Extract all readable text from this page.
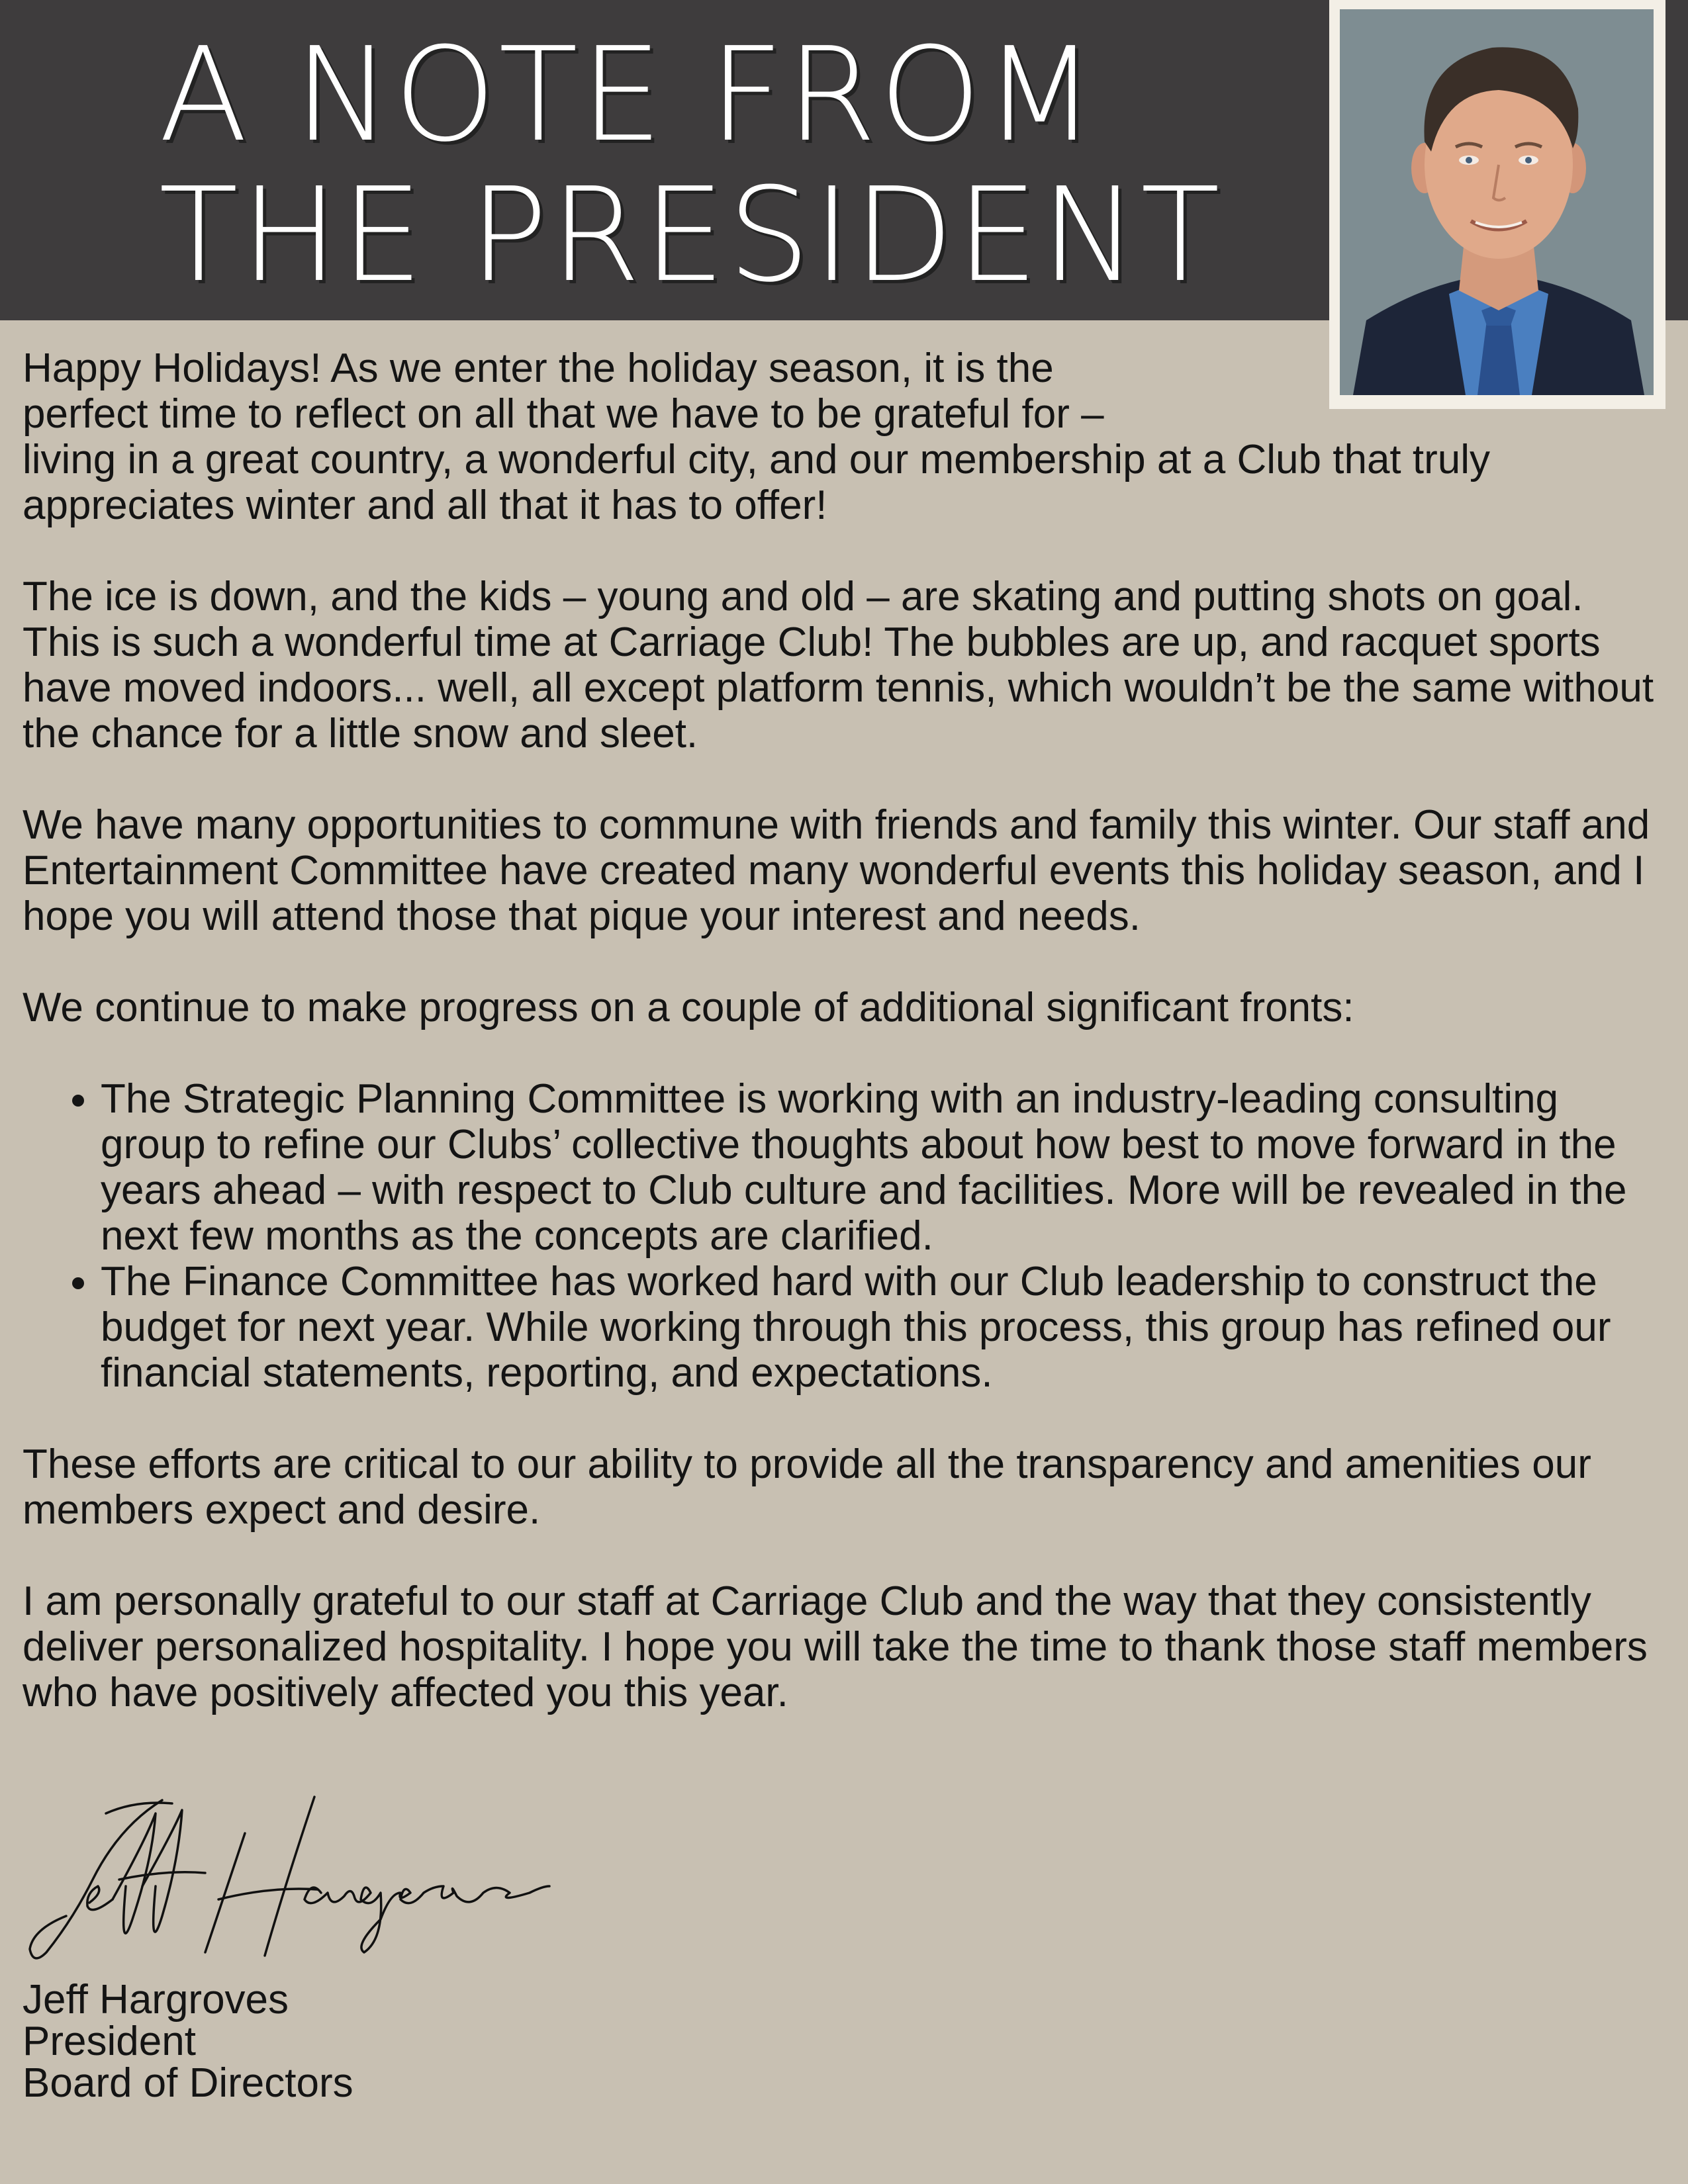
A NOTE FROM
THE PRESIDENT

Happy Holidays! As we enter the holiday season, it is the
perfect time to reflect on all that we have to be grateful for –
living in a great country, a wonderful city, and our membership at a Club that truly appreciates winter and all that it has to offer!

The ice is down, and the kids – young and old – are skating and putting shots on goal. This is such a wonderful time at Carriage Club! The bubbles are up, and racquet sports have moved indoors... well, all except platform tennis, which wouldn’t be the same without the chance for a little snow and sleet.

We have many opportunities to commune with friends and family this winter. Our staff and Entertainment Committee have created many wonderful events this holiday season, and I hope you will attend those that pique your interest and needs.

We continue to make progress on a couple of additional significant fronts:

• The Strategic Planning Committee is working with an industry-leading consulting group to refine our Clubs’ collective thoughts about how best to move forward in the years ahead – with respect to Club culture and facilities. More will be revealed in the next few months as the concepts are clarified.
• The Finance Committee has worked hard with our Club leadership to construct the budget for next year. While working through this process, this group has refined our financial statements, reporting, and expectations.

These efforts are critical to our ability to provide all the transparency and amenities our members expect and desire.

I am personally grateful to our staff at Carriage Club and the way that they consistently deliver personalized hospitality. I hope you will take the time to thank those staff members who have positively affected you this year.

Jeff Hargroves
President
Board of Directors
